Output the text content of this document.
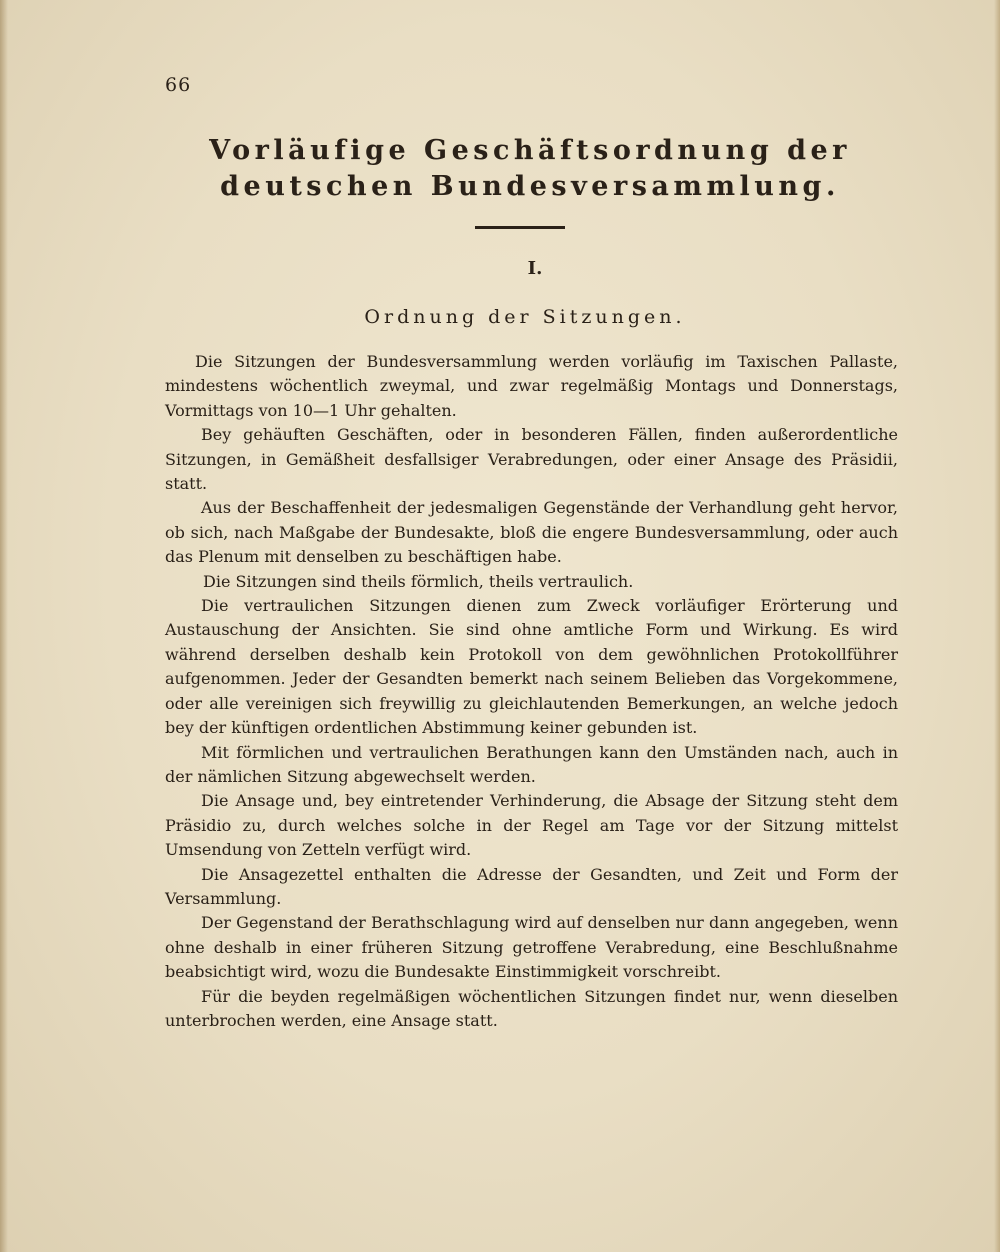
66
Vorläufige Geschäftsordnung der deutschen Bundesversammlung.
I.
Ordnung der Sitzungen.

Die Sitzungen der Bundesversammlung werden vorläufig im Taxischen Pallaste, mindestens wöchentlich zweymal, und zwar regelmäßig Montags und Donnerstags, Vormittags von 10—1 Uhr gehalten.

Bey gehäuften Geschäften, oder in besonderen Fällen, finden außerordentliche Sitzungen, in Gemäßheit desfallsiger Verabredungen, oder einer Ansage des Präsidii, statt.

Aus der Beschaffenheit der jedesmaligen Gegenstände der Verhandlung geht hervor, ob sich, nach Maßgabe der Bundesakte, bloß die engere Bundesversammlung, oder auch das Plenum mit denselben zu beschäftigen habe.

Die Sitzungen sind theils förmlich, theils vertraulich.

Die vertraulichen Sitzungen dienen zum Zweck vorläufiger Erörterung und Austauschung der Ansichten. Sie sind ohne amtliche Form und Wirkung. Es wird während derselben deshalb kein Protokoll von dem gewöhnlichen Protokollführer aufgenommen. Jeder der Gesandten bemerkt nach seinem Belieben das Vorgekommene, oder alle vereinigen sich freywillig zu gleichlautenden Bemerkungen, an welche jedoch bey der künftigen ordentlichen Abstimmung keiner gebunden ist.

Mit förmlichen und vertraulichen Berathungen kann den Umständen nach, auch in der nämlichen Sitzung abgewechselt werden.

Die Ansage und, bey eintretender Verhinderung, die Absage der Sitzung steht dem Präsidio zu, durch welches solche in der Regel am Tage vor der Sitzung mittelst Umsendung von Zetteln verfügt wird.

Die Ansagezettel enthalten die Adresse der Gesandten, und Zeit und Form der Versammlung.

Der Gegenstand der Berathschlagung wird auf denselben nur dann angegeben, wenn ohne deshalb in einer früheren Sitzung getroffene Verabredung, eine Beschlußnahme beabsichtigt wird, wozu die Bundesakte Einstimmigkeit vorschreibt.

Für die beyden regelmäßigen wöchentlichen Sitzungen findet nur, wenn dieselben unterbrochen werden, eine Ansage statt.
